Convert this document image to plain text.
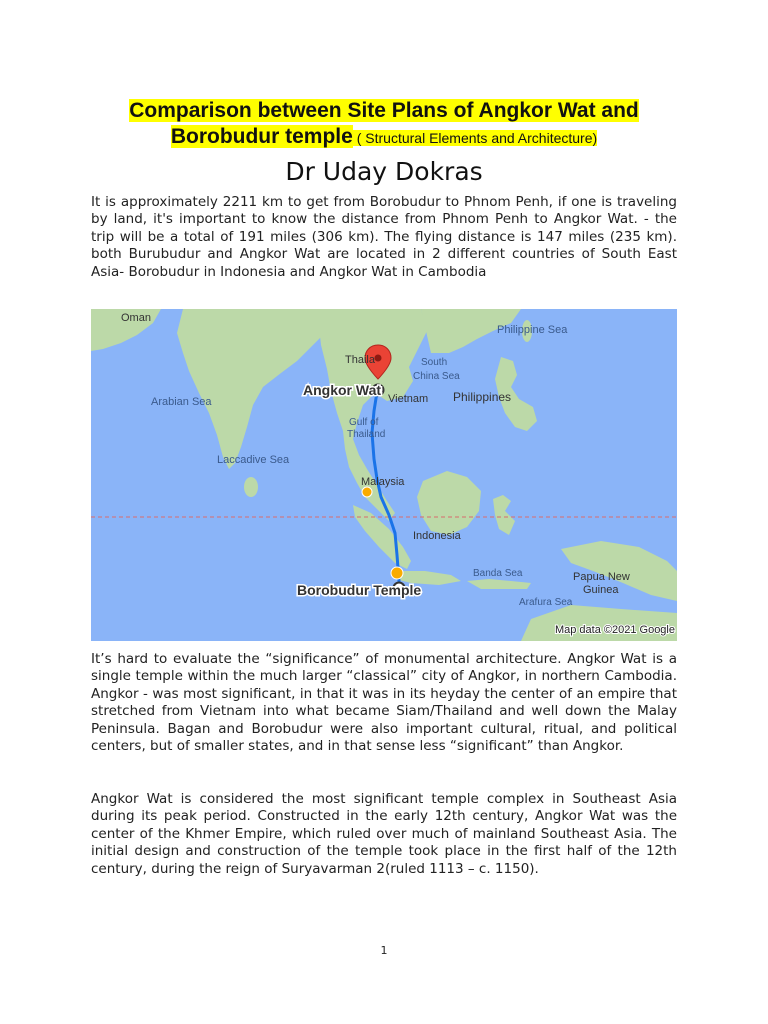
Comparison between Site Plans of Angkor Wat and
Borobudur temple ( Structural Elements and Architecture)
Dr Uday Dokras
It is approximately 2211 km to get from Borobudur to Phnom Penh, if one is traveling by land, it's important to know the distance from Phnom Penh to Angkor Wat. - the trip will be a total of 191 miles (306 km). The flying distance is 147 miles (235 km). both Burubudur and Angkor Wat are located in 2 different countries of South East Asia- Borobudur in Indonesia and Angkor Wat in Cambodia
Oman
Arabian Sea
Laccadive Sea
Thaila
Angkor Wat
Vietnam
Gulf of
Thailand
South
China Sea
Philippine Sea
Philippines
Malaysia
Indonesia
Banda Sea
Arafura Sea
Papua New
Guinea
Borobudur Temple
Map data ©2021 Google
It’s hard to evaluate the “significance” of monumental architecture. Angkor Wat is a single temple within the much larger “classical” city of Angkor, in northern Cambodia. Angkor - was most significant, in that it was in its heyday the center of an empire that stretched from Vietnam into what became Siam/Thailand and well down the Malay Peninsula. Bagan and Borobudur were also important cultural, ritual, and political centers, but of smaller states, and in that sense less “significant” than Angkor.
Angkor Wat is considered the most significant temple complex in Southeast Asia during its peak period. Constructed in the early 12th century, Angkor Wat was the center of the Khmer Empire, which ruled over much of mainland Southeast Asia. The initial design and construction of the temple took place in the first half of the 12th century, during the reign of Suryavarman 2(ruled 1113 – c. 1150).
1
